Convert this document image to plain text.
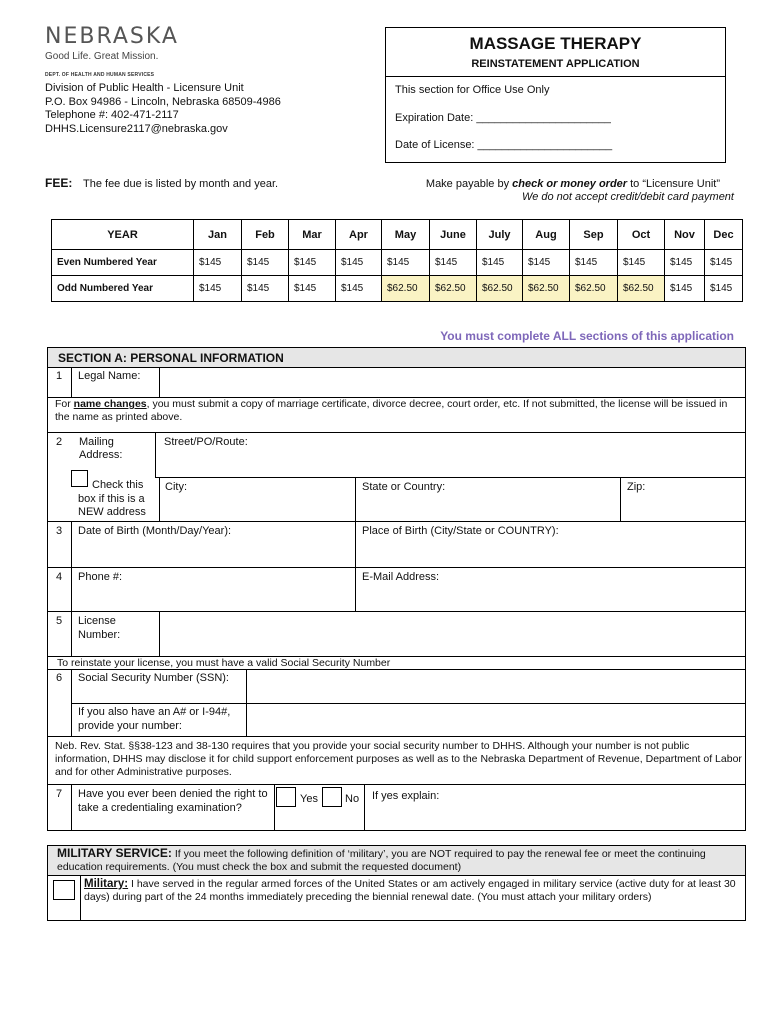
NEBRASKA
Good Life. Great Mission.
DEPT. OF HEALTH AND HUMAN SERVICES
Division of Public Health - Licensure Unit
P.O. Box 94986 - Lincoln, Nebraska 68509-4986
Telephone #: 402-471-2117
DHHS.Licensure2117@nebraska.gov
MASSAGE THERAPY
REINSTATEMENT APPLICATION
This section for Office Use Only
Expiration Date: ______________________
Date of License: ______________________
FEE: The fee due is listed by month and year.	Make payable by check or money order to “Licensure Unit”
We do not accept credit/debit card payment
YEAR	Jan	Feb	Mar	Apr	May	June	July	Aug	Sep	Oct	Nov	Dec
Even Numbered Year	$145	$145	$145	$145	$145	$145	$145	$145	$145	$145	$145	$145
Odd Numbered Year	$145	$145	$145	$145	$62.50	$62.50	$62.50	$62.50	$62.50	$62.50	$145	$145
You must complete ALL sections of this application
SECTION A: PERSONAL INFORMATION
1 Legal Name:
For name changes, you must submit a copy of marriage certificate, divorce decree, court order, etc. If not submitted, the license will be issued in the name as printed above.
2 Mailing Address:
Street/PO/Route:
Check this box if this is a NEW address
City:	State or Country:	Zip:
3 Date of Birth (Month/Day/Year):	Place of Birth (City/State or COUNTRY):
4 Phone #:	E-Mail Address:
5 License Number:
To reinstate your license, you must have a valid Social Security Number
6 Social Security Number (SSN):
If you also have an A# or I-94#, provide your number:
Neb. Rev. Stat. §§38-123 and 38-130 requires that you provide your social security number to DHHS. Although your number is not public information, DHHS may disclose it for child support enforcement purposes as well as to the Nebraska Department of Revenue, Department of Labor and for other Administrative purposes.
7 Have you ever been denied the right to take a credentialing examination?
Yes No If yes explain:
MILITARY SERVICE: If you meet the following definition of ‘military’, you are NOT required to pay the renewal fee or meet the continuing education requirements. (You must check the box and submit the requested document)
Military: I have served in the regular armed forces of the United States or am actively engaged in military service (active duty for at least 30 days) during part of the 24 months immediately preceding the biennial renewal date. (You must attach your military orders)
